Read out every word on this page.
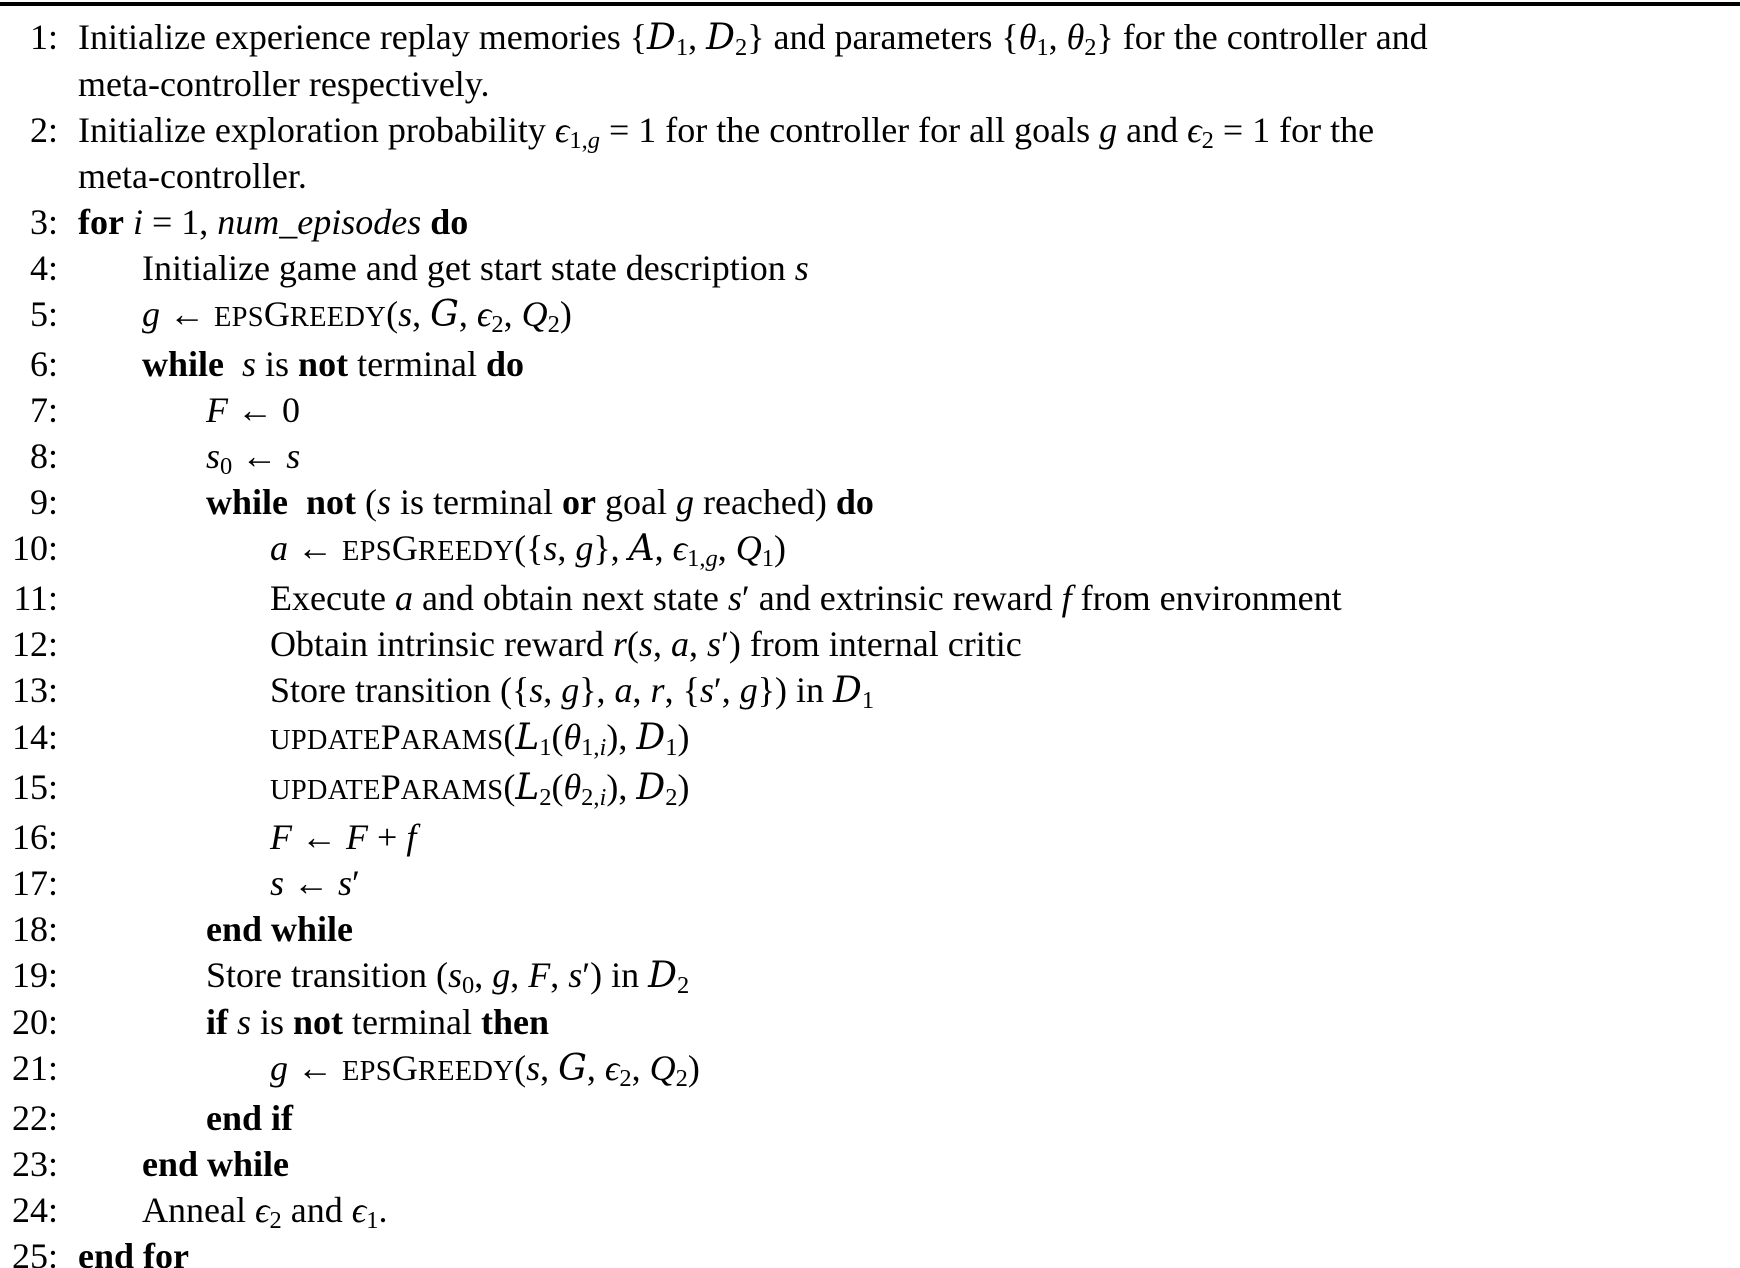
1: Initialize experience replay memories {$D_1$, $D_2$} and parameters {$\theta_1$, $\theta_2$} for the controller and
meta-controller respectively.
2: Initialize exploration probability $\epsilon_{1,g} = 1$ for the controller for all goals g and $\epsilon_2 = 1$ for the
meta-controller.
3: for i = 1, num_episodes do
4:	Initialize game and get start state description s
5:	g ← EPSGREEDY(s, G, $\epsilon_2$, $Q_2$)
6:	while s is not terminal do
7:	F ← 0
8:	$s_0$ ← s
9:	while not (s is terminal or goal g reached) do
10:	a ← EPSGREEDY({s, g}, A, $\epsilon_{1,g}$, $Q_1$)
11:	Execute a and obtain next state s′ and extrinsic reward f from environment
12:	Obtain intrinsic reward r(s, a, s′) from internal critic
13:	Store transition ({s, g}, a, r, {s′, g}) in $D_1$
14:	$UPDATEPARAMS(L_1(\theta_{1,i})$, $D_1$)
15:	$UPDATEPARAMS(L_2(\theta_{2,i})$, $D_2$)
16:	F ← F + f
17:	s ← s′
18:	end while
19:	Store transition ($s_0$, g, F, s′) in $D_2$
20:	if s is not terminal then
21:	g ← EPSGREEDY(s, G, $\epsilon_2$, $Q_2$)
22:	end if
23:	end while
24:	Anneal $\epsilon_2$ and $\epsilon_1$.
25: end for
